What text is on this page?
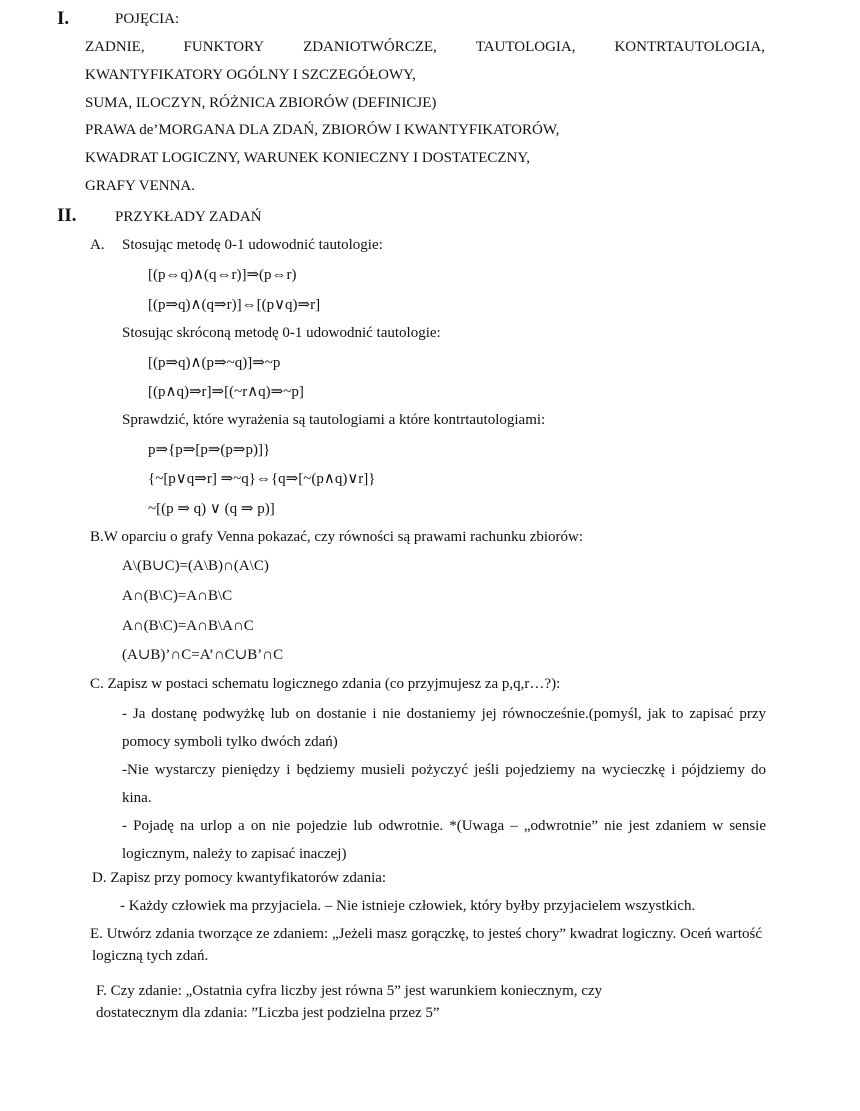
I.	POJĘCIA:
ZADNIE,	FUNKTORY	ZDANIOTWÓRCZE,	TAUTOLOGIA,	KONTRTAUTOLOGIA,
KWANTYFIKATORY OGÓLNY I SZCZEGÓŁOWY,
SUMA, ILOCZYN, RÓŻNICA ZBIORÓW (DEFINICJE)
PRAWA de’MORGANA DLA ZDAŃ, ZBIORÓW I KWANTYFIKATORÓW,
KWADRAT LOGICZNY, WARUNEK KONIECZNY I DOSTATECZNY,
GRAFY VENNA.
II.	PRZYKŁADY ZADAŃ
A. Stosując metodę 0-1 udowodnić tautologie:
[(p⇔q)∧(q⇔r)]⇒(p⇔r)
[(p⇒q)∧(q⇒r)]⇔[(p∨q)⇒r]
Stosując skróconą metodę 0-1 udowodnić tautologie:
[(p⇒q)∧(p⇒~q)]⇒~p
[(p∧q)⇒r]⇒[(~r∧q)⇒~p]
Sprawdzić, które wyrażenia są tautologiami a które kontrtautologiami:
p⇒{p⇒[p⇒(p⇒p)]}
{~[p∨q⇒r] ⇒~q}⇔{q⇒[~(p∧q)∨r]}
~[(p ⇒ q) ∨ (q ⇒ p)]
B.W oparciu o grafy Venna pokazać, czy równości są prawami rachunku zbiorów:
A\(B∪C)=(A\B)∩(A\C)
A∩(B\C)=A∩B\C
A∩(B\C)=A∩B\A∩C
(A∪B)’∩C=A’∩C∪B’∩C
C. Zapisz w postaci schematu logicznego zdania (co przyjmujesz za p,q,r…?):
- Ja dostanę podwyżkę lub on dostanie i nie dostaniemy jej równocześnie.(pomyśl, jak to zapisać przy pomocy symboli tylko dwóch zdań)
-Nie wystarczy pieniędzy i będziemy musieli pożyczyć jeśli pojedziemy na wycieczkę i pójdziemy do kina.
- Pojadę na urlop a on nie pojedzie lub odwrotnie. *(Uwaga – „odwrotnie” nie jest zdaniem w sensie logicznym, należy to zapisać inaczej)
D. Zapisz przy pomocy kwantyfikatorów zdania:
- Każdy człowiek ma przyjaciela. – Nie istnieje człowiek, który byłby przyjacielem wszystkich.
E. Utwórz zdania tworzące ze zdaniem: „Jeżeli masz gorączkę, to jesteś chory” kwadrat logiczny. Oceń wartość logiczną tych zdań.
F. Czy zdanie: „Ostatnia cyfra liczby jest równa 5” jest warunkiem koniecznym, czy dostatecznym dla zdania: ”Liczba jest podzielna przez 5”
